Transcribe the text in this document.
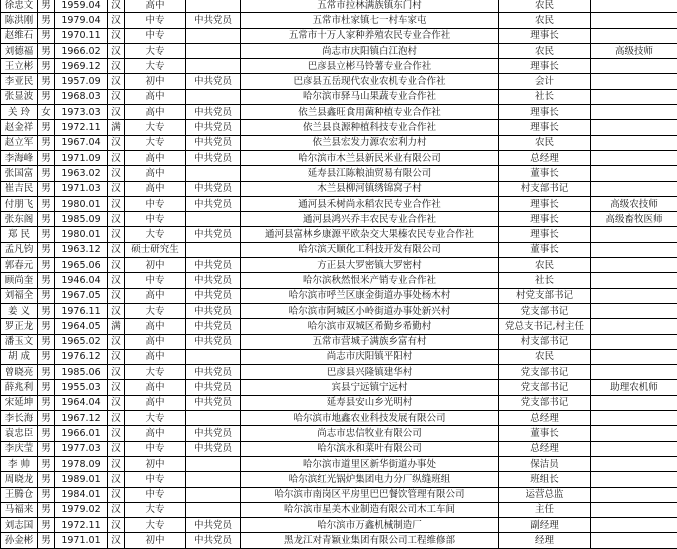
徐忠文	男	1959.04	汉	高中		五常市拉林满族镇东门村	农民	
陈洪刚	男	1979.04	汉	中专	中共党员	五常市杜家镇七一村车家屯	农民	
赵维石	男	1970.11	汉	中专		五常市十万人家种养殖农民专业合作社	理事长	
刘德福	男	1966.02	汉	大专		尚志市庆阳镇白江泡村	农民	高级技师
王立彬	男	1969.12	汉	大专		巴彦县立彬马铃薯专业合作社	理事长	
李亚民	男	1957.09	汉	初中	中共党员	巴彦县五岳现代农业农机专业合作社	会计	
张显波	男	1968.03	汉	高中		哈尔滨市驿马山果蔬专业合作社	社长	
关 玲	女	1973.03	汉	高中	中共党员	依兰县鑫旺食用菌种植专业合作社	理事长	
赵金祥	男	1972.11	满	大专	中共党员	依兰县良源种植科技专业合作社	理事长	
赵立军	男	1967.04	汉	大专	中共党员	依兰县宏发力源农宏利力村	农民	
李海峰	男	1971.09	汉	高中	中共党员	哈尔滨市木兰县新民米业有限公司	总经理	
张国富	男	1963.02	汉	高中		延寿县江陈粮油贸易有限公司	董事长	
崔吉民	男	1971.03	汉	高中	中共党员	木兰县柳河镇绣锦窝子村	村支部书记	
付朋飞	男	1980.01	汉	中专	中共党员	通河县禾树尚永稻农民专业合作社	理事长	高级农技师
张东阁	男	1985.09	汉	中专		通河县鸿兴乔丰农民专业合作社	理事长	高级畜牧医师
郑 民	男	1980.01	汉	大专	中共党员	通河县富林乡康源平欧杂交大果榛农民专业合作社	理事长	
孟凡钧	男	1963.12	汉	硕士研究生		哈尔滨天顺化工科技开发有限公司	董事长	
郭春元	男	1965.06	汉	初中	中共党员	方正县大罗密镇大罗密村	农民	
顾尚奎	男	1946.04	汉	中专	中共党员	哈尔滨秋然恨米产销专业合作社	社长	
刘福全	男	1967.05	汉	高中	中共党员	哈尔滨市呼兰区康金街道办事处杨木村	村党支部书记	
姜 义	男	1976.11	汉	大专	中共党员	哈尔滨市阿城区小岭街道办事处新兴村	党支部书记	
罗正龙	男	1964.05	满	高中	中共党员	哈尔滨市双城区希勤乡希勤村	党总支书记,村主任	
潘玉文	男	1965.02	汉	高中	中共党员	五常市营城子满族乡富有村	村支部书记	
胡 成	男	1976.12	汉	高中		尚志市庆阳镇平阳村	农民	
曾晓亮	男	1985.06	汉	大专	中共党员	巴彦县兴隆镇建华村	党支部书记	
薛兆利	男	1955.03	汉	高中	中共党员	宾县宁远镇宁远村	党支部书记	助理农机师
宋延坤	男	1964.04	汉	高中	中共党员	延寿县安山乡光明村	党支部书记	
李长海	男	1967.12	汉	大专		哈尔滨市地鑫农业科技发展有限公司	总经理	
袁忠臣	男	1966.01	汉	高中	中共党员	尚志市忠信牧业有限公司	董事长	
李庆莹	男	1977.03	汉	中专	中共党员	哈尔滨永和菜叶有限公司	总经理	
李 帅	男	1978.09	汉	初中		哈尔滨市道里区新华街道办事处	保洁员	
周晓龙	男	1989.01	汉	中专		哈尔滨红光锅炉集团电力分厂纵缝班组	班组长	
王腾仓	男	1984.01	汉	中专		哈尔滨市南岗区平房里巴巴餐饮管理有限公司	运营总监	
马福来	男	1979.02	汉	大专		哈尔滨市星美木业制造有限公司木工车间	主任	
刘志国	男	1972.11	汉	大专	中共党员	哈尔滨市万鑫机械制造厂	副经理	
孙金彬	男	1971.01	汉	初中	中共党员	黑龙江对青颖业集团有限公司工程维修部	经理	
